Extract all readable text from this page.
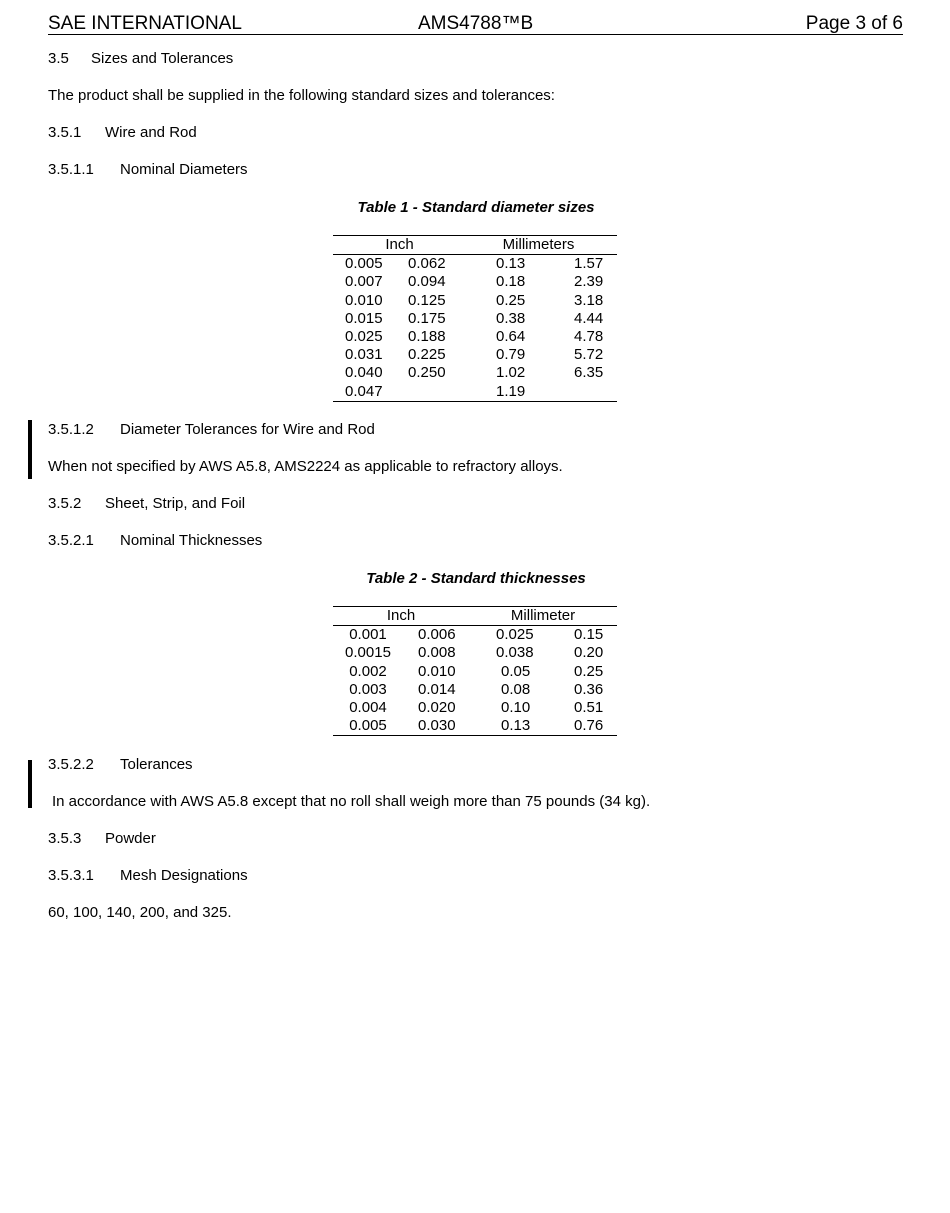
SAE INTERNATIONAL	AMS4788™B	Page 3 of 6
3.5 Sizes and Tolerances
The product shall be supplied in the following standard sizes and tolerances:
3.5.1 Wire and Rod
3.5.1.1 Nominal Diameters
Table 1 - Standard diameter sizes
Inch		Millimeters	
0.005	0.062	0.13	1.57
0.007	0.094	0.18	2.39
0.010	0.125	0.25	3.18
0.015	0.175	0.38	4.44
0.025	0.188	0.64	4.78
0.031	0.225	0.79	5.72
0.040	0.250	1.02	6.35
0.047		1.19	
3.5.1.2 Diameter Tolerances for Wire and Rod
When not specified by AWS A5.8, AMS2224 as applicable to refractory alloys.
3.5.2 Sheet, Strip, and Foil
3.5.2.1 Nominal Thicknesses
Table 2 - Standard thicknesses
Inch		Millimeter	
0.001	0.006	0.025	0.15
0.0015	0.008	0.038	0.20
0.002	0.010	0.05	0.25
0.003	0.014	0.08	0.36
0.004	0.020	0.10	0.51
0.005	0.030	0.13	0.76
3.5.2.2 Tolerances
In accordance with AWS A5.8 except that no roll shall weigh more than 75 pounds (34 kg).
3.5.3 Powder
3.5.3.1 Mesh Designations
60, 100, 140, 200, and 325.
